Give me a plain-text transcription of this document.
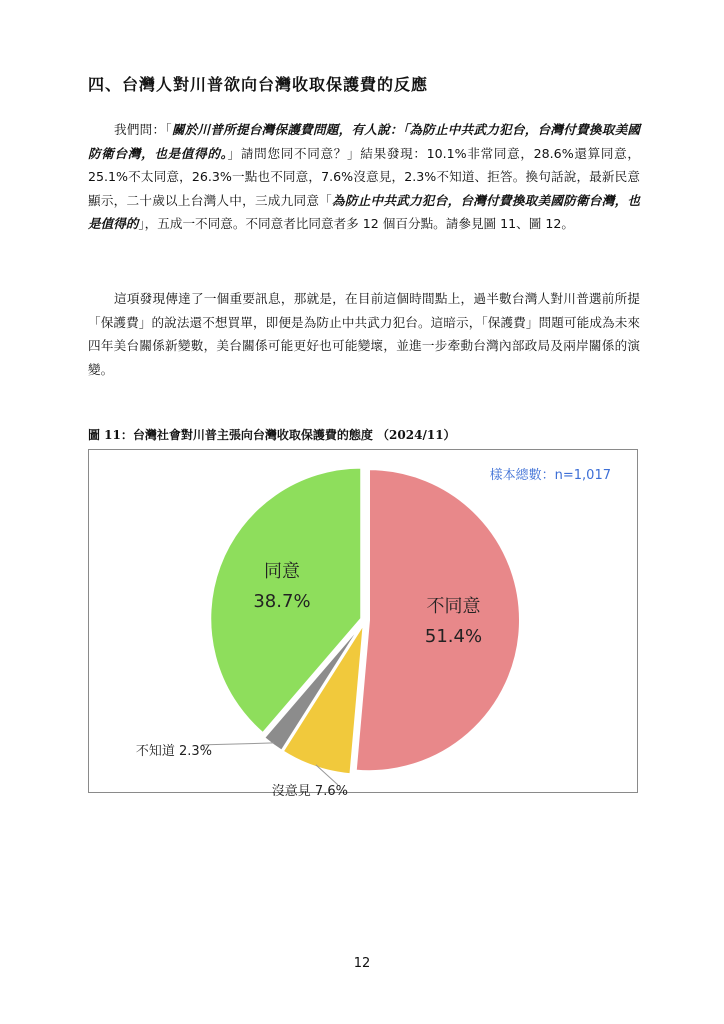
四、台灣人對川普欲向台灣收取保護費的反應
我們問：「關於川普所提台灣保護費問題，有人說：「為防止中共武力犯台，台灣付費換取美國防衛台灣，也是值得的。」請問您同不同意？」結果發現：10.1%非常同意，28.6%還算同意，25.1%不太同意，26.3%一點也不同意，7.6%沒意見，2.3%不知道、拒答。換句話說，最新民意顯示，二十歲以上台灣人中，三成九同意「為防止中共武力犯台，台灣付費換取美國防衛台灣，也是值得的」，五成一不同意。不同意者比同意者多 12 個百分點。請參見圖 11、圖 12。
這項發現傳達了一個重要訊息，那就是，在目前這個時間點上，過半數台灣人對川普選前所提「保護費」的說法還不想買單，即便是為防止中共武力犯台。這暗示，「保護費」問題可能成為未來四年美台關係新變數，美台關係可能更好也可能變壞，並進一步牽動台灣內部政局及兩岸關係的演變。
圖 11：台灣社會對川普主張向台灣收取保護費的態度 （2024/11）
樣本總數：n=1,017
不同意
51.4%
沒意見 7.6%
不知道 2.3%
同意
38.7%
12
